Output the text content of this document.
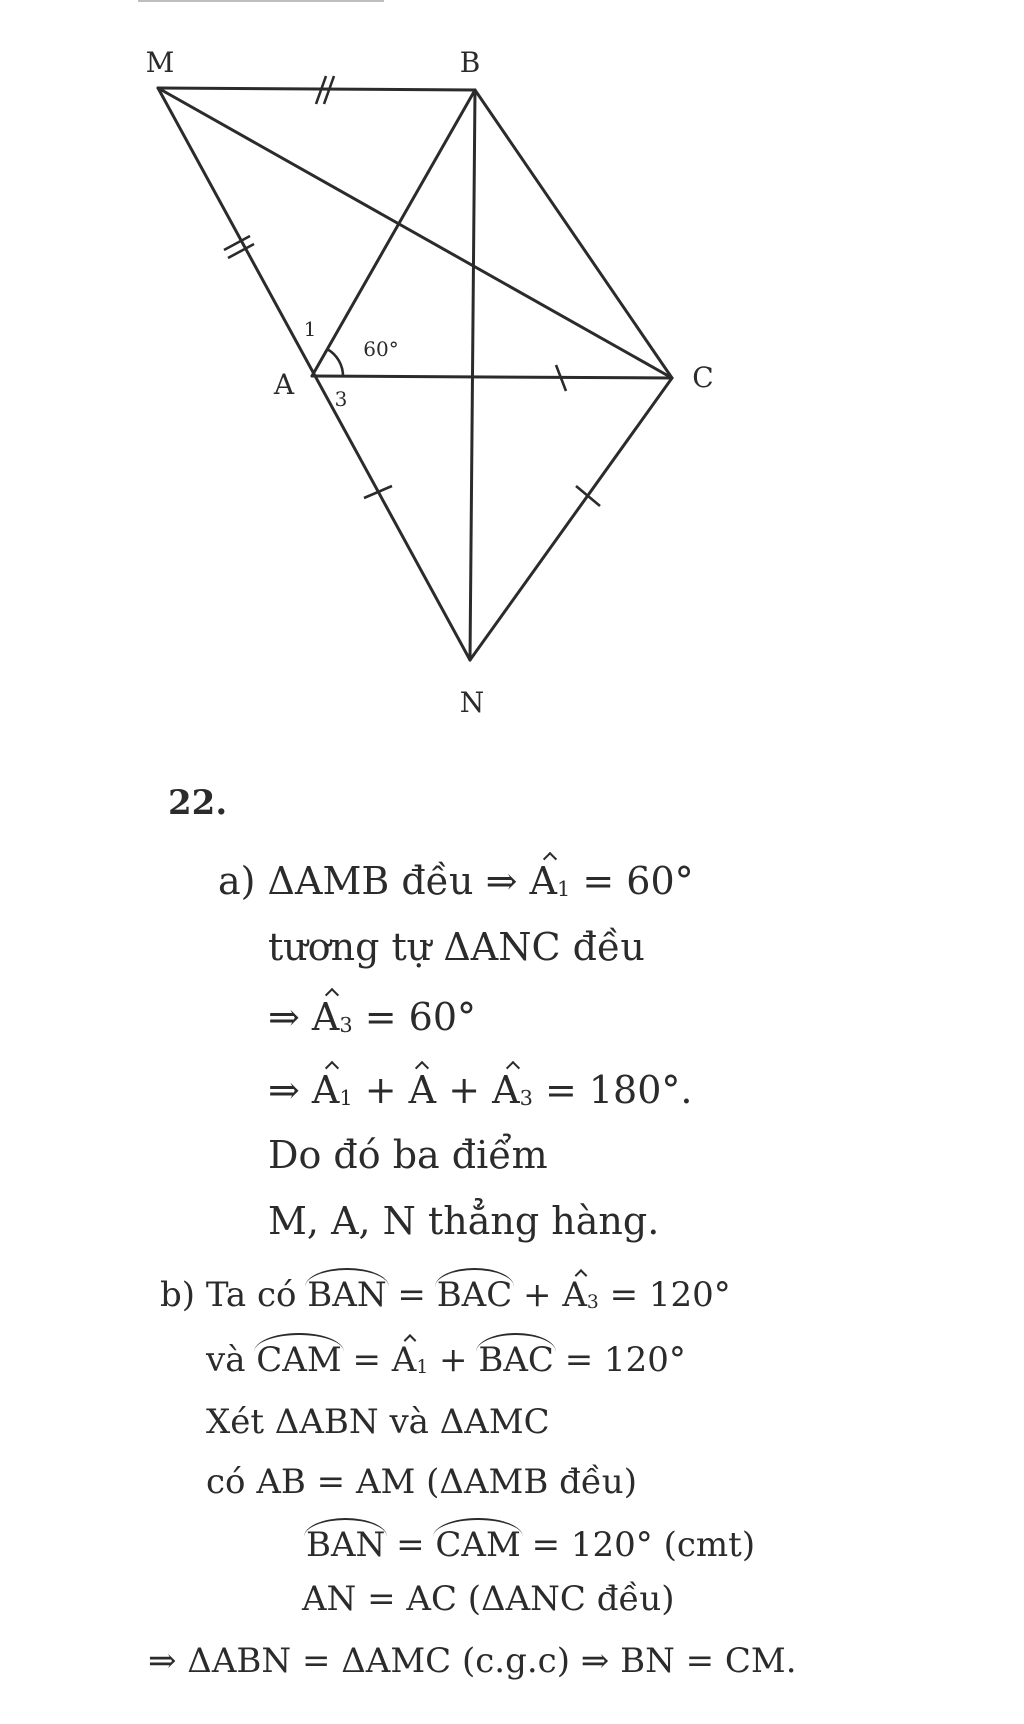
M	B
A	C
N
1
3
60°
22.
a) ΔAMB đều ⇒ $A_1 = 60^\circ$
tương tự ΔANC đều
⇒ $A_3 = 60^\circ$
⇒ $A_1 + A + A_3 = 180^\circ$.
Do đó ba điểm
M, A, N thẳng hàng.
b) Ta có BAN = BAC + $A_3 = 120^\circ$
và CAM = $A_1$ + BAC = 120°
Xét ΔABN và ΔAMC
có AB = AM (ΔAMB đều)
BAN = CAM = 120° (cmt)
AN = AC (ΔANC đều)
⇒ ΔABN = ΔAMC (c.g.c) ⇒ BN = CM.
